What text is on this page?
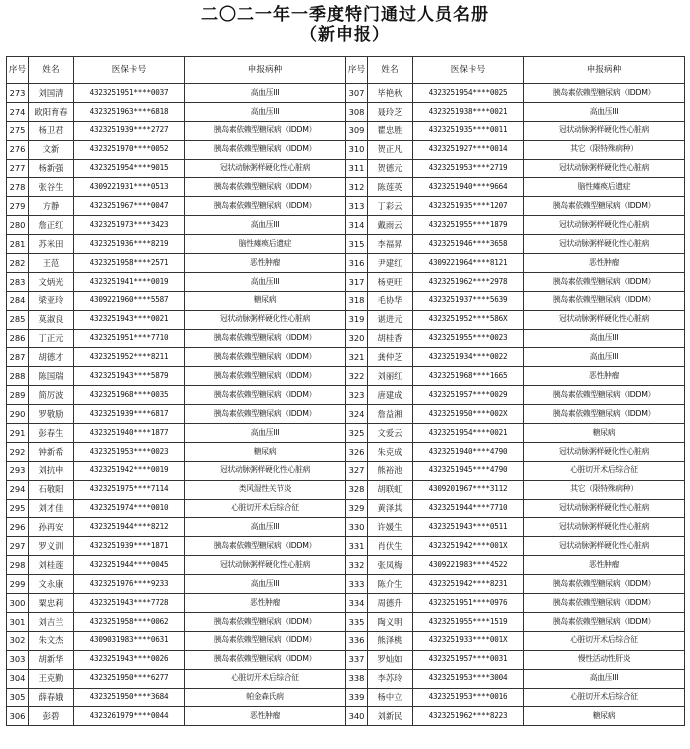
二〇二一年一季度特门通过人员名册
（新申报）
序号	姓名	医保卡号	申报病种	序号	姓名	医保卡号	申报病种
273	刘国清	4323251951****0037	高血压III	307	毕艳秋	4323251954****0025	胰岛素依赖型糖尿病（IDDM）
274	欧阳育春	4323251963****6818	高血压III	308	聂玲芝	4323251938****0021	高血压III
275	杨卫君	4323251939****2727	胰岛素依赖型糖尿病（IDDM）	309	瞿忠胜	4323251935****0011	冠状动脉粥样硬化性心脏病
276	文新	4323251970****0052	胰岛素依赖型糖尿病（IDDM）	310	贺正凡	4323251927****0014	其它（限特殊病种）
277	杨新强	4323251954****9015	冠状动脉粥样硬化性心脏病	311	贺德元	4323251953****2719	冠状动脉粥样硬化性心脏病
278	张谷生	4309221931****0513	胰岛素依赖型糖尿病（IDDM）	312	陈莲英	4323251940****9664	脑性瘫痪后遗症
279	方静	4323251967****0047	胰岛素依赖型糖尿病（IDDM）	313	丁彩云	4323251935****1207	胰岛素依赖型糖尿病（IDDM）
280	詹正红	4323251973****3423	高血压III	314	戴雨云	4323251955****1879	冠状动脉粥样硬化性心脏病
281	苏米田	4323251936****8219	脑性瘫痪后遗症	315	李福昇	4323251946****3658	冠状动脉粥样硬化性心脏病
282	王范	4323251958****2571	恶性肿瘤	316	尹建红	4309221964****8121	恶性肿瘤
283	文炳光	4323251941****0019	高血压III	317	杨更旺	4323251962****2978	胰岛素依赖型糖尿病（IDDM）
284	梁亚玲	4309221960****5587	糖尿病	318	毛协华	4323251937****5639	胰岛素依赖型糖尿病（IDDM）
285	莫淑良	4323251943****0021	冠状动脉粥样硬化性心脏病	319	谌进元	4323251952****586X	冠状动脉粥样硬化性心脏病
286	丁正元	4323251951****7710	胰岛素依赖型糖尿病（IDDM）	320	胡桂香	4323251955****0023	高血压III
287	胡德才	4323251952****8211	胰岛素依赖型糖尿病（IDDM）	321	龚仲芝	4323251934****0022	高血压III
288	陈国瑞	4323251943****5879	胰岛素依赖型糖尿病（IDDM）	322	刘丽红	4323251968****1665	恶性肿瘤
289	简厉波	4323251968****0035	胰岛素依赖型糖尿病（IDDM）	323	唐建成	4323251957****0029	胰岛素依赖型糖尿病（IDDM）
290	罗敬励	4323251939****6817	胰岛素依赖型糖尿病（IDDM）	324	詹益湘	4323251950****002X	胰岛素依赖型糖尿病（IDDM）
291	彭春生	4323251940****1877	高血压III	325	文爱云	4323251954****0021	糖尿病
292	钟新希	4323251953****0023	糖尿病	326	朱克成	4323251940****4790	冠状动脉粥样硬化性心脏病
293	刘抗申	4323251942****0019	冠状动脉粥样硬化性心脏病	327	熊裕池	4323251945****4790	心脏切开术后综合征
294	石敬阳	4323251975****7114	类风湿性关节炎	328	胡联虹	4309201967****3112	其它（限特殊病种）
295	刘才佳	4323251974****0010	心脏切开术后综合征	329	黄泽其	4323251944****7710	冠状动脉粥样硬化性心脏病
296	孙再安	4323251944****8212	高血压III	330	许媛生	4323251943****0511	冠状动脉粥样硬化性心脏病
297	罗义训	4323251939****1871	胰岛素依赖型糖尿病（IDDM）	331	肖伏生	4323251942****001X	冠状动脉粥样硬化性心脏病
298	刘桂莲	4323251944****0045	冠状动脉粥样硬化性心脏病	332	张凤梅	4309221983****4522	恶性肿瘤
299	文永康	4323251976****9233	高血压III	333	陈介生	4323251942****8231	胰岛素依赖型糖尿病（IDDM）
300	粟忠莉	4323251943****7728	恶性肿瘤	334	周德升	4323251951****0976	胰岛素依赖型糖尿病（IDDM）
301	刘吉兰	4323251958****0062	胰岛素依赖型糖尿病（IDDM）	335	陶义明	4323251955****1519	胰岛素依赖型糖尿病（IDDM）
302	朱文杰	4309031983****0631	胰岛素依赖型糖尿病（IDDM）	336	熊泽桃	4323251933****001X	心脏切开术后综合征
303	胡新华	4323251943****0026	胰岛素依赖型糖尿病（IDDM）	337	罗灿如	4323251957****0031	慢性活动性肝炎
304	王克勤	4323251950****6277	心脏切开术后综合征	338	李苏玲	4323251953****3004	高血压III
305	薛春娥	4323251950****3684	帕金森氏病	339	杨中立	4323251953****0016	心脏切开术后综合征
306	彭碧	4323261979****0044	恶性肿瘤	340	刘新民	4323251962****8223	糖尿病
